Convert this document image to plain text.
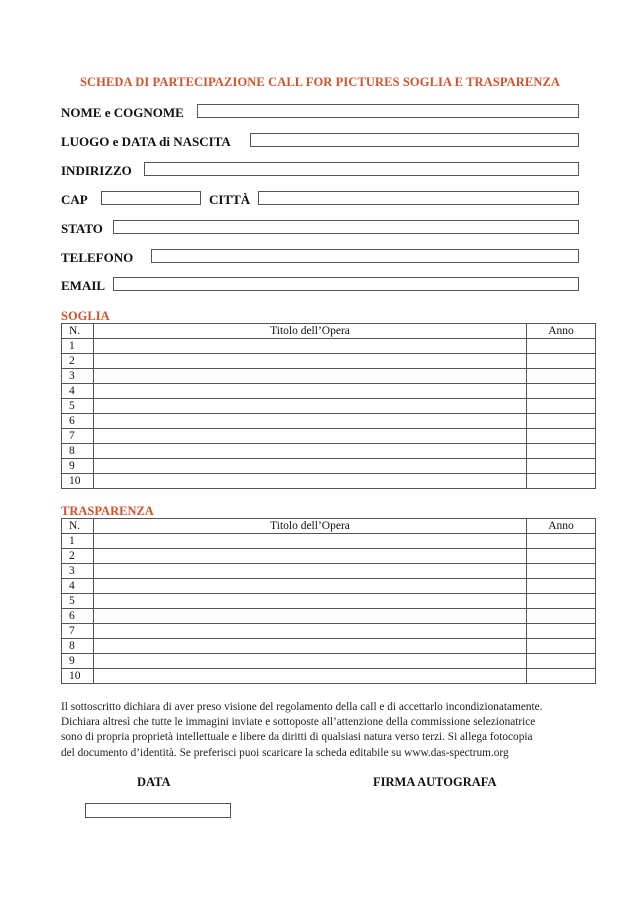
SCHEDA DI PARTECIPAZIONE CALL FOR PICTURES SOGLIA E TRASPARENZA
NOME e COGNOME
LUOGO e DATA di NASCITA
INDIRIZZO
CAP	CITTÀ
STATO
TELEFONO
EMAIL
SOGLIA
N.	Titolo dell’Opera	Anno
1		
2		
3		
4		
5		
6		
7		
8		
9		
10		
TRASPARENZA
N.	Titolo dell’Opera	Anno
1		
2		
3		
4		
5		
6		
7		
8		
9		
10		

Il sottoscritto dichiara di aver preso visione del regolamento della call e di accettarlo incondizionatamente.

Dichiara altresì che tutte le immagini inviate e sottoposte all’attenzione della commissione selezionatrice

sono di propria proprietà intellettuale e libere da diritti di qualsiasi natura verso terzi. Si allega fotocopia

del documento d’identità. Se preferisci puoi scaricare la scheda editabile su www.das-spectrum.org

DATA	FIRMA AUTOGRAFA
